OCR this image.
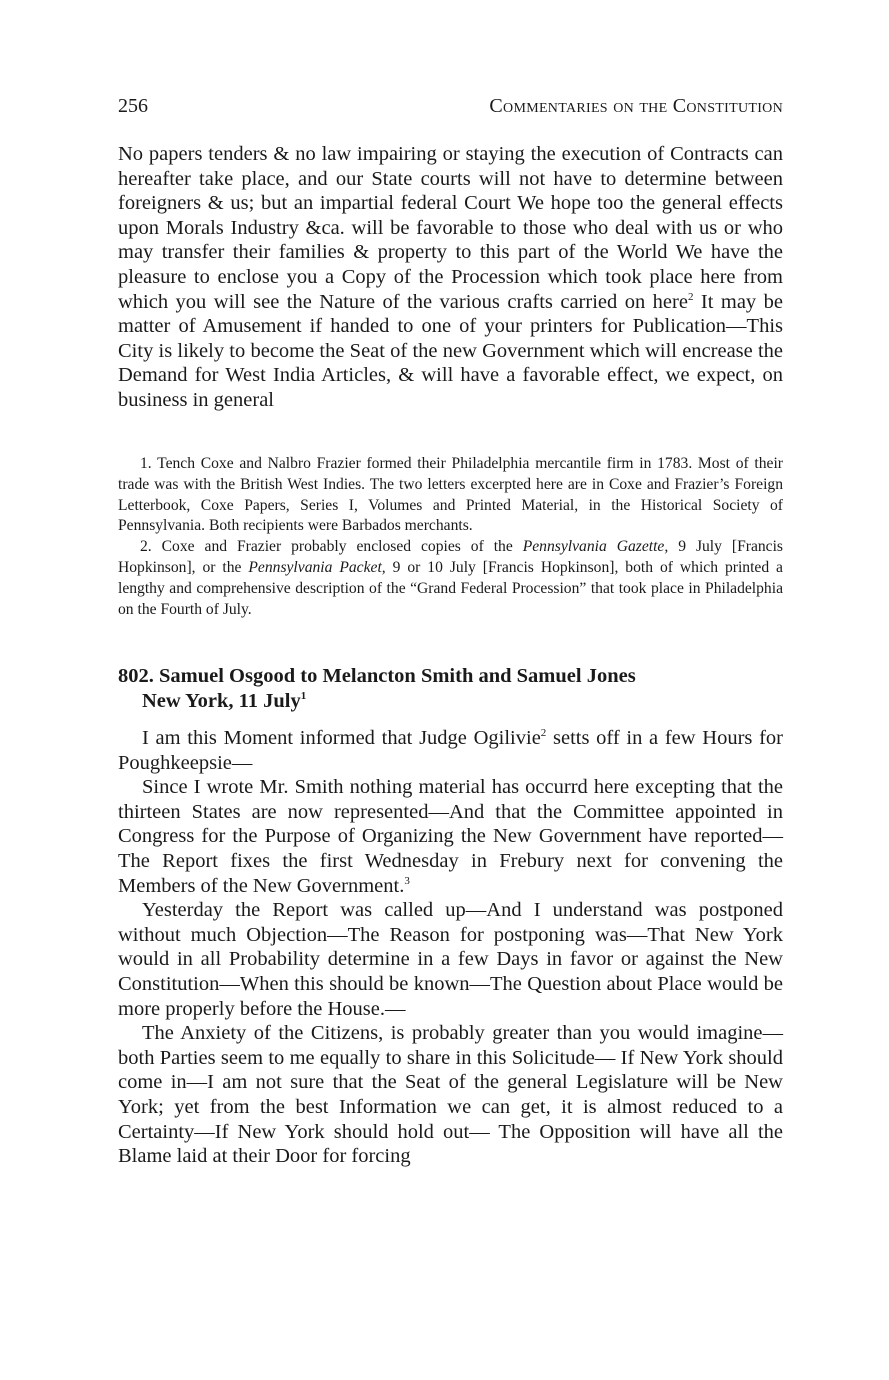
256	Commentaries on the Constitution

No papers tenders & no law impairing or staying the execution of Contracts can hereafter take place, and our State courts will not have to determine between foreigners & us; but an impartial federal Court We hope too the general effects upon Morals Industry &ca. will be favorable to those who deal with us or who may transfer their families & property to this part of the World We have the pleasure to enclose you a Copy of the Procession which took place here from which you will see the Nature of the various crafts carried on here$^2$ It may be matter of Amusement if handed to one of your printers for Publication—This City is likely to become the Seat of the new Government which will encrease the Demand for West India Articles, & will have a favorable effect, we expect, on business in general

1. Tench Coxe and Nalbro Frazier formed their Philadelphia mercantile firm in 1783. Most of their trade was with the British West Indies. The two letters excerpted here are in Coxe and Frazier’s Foreign Letterbook, Coxe Papers, Series I, Volumes and Printed Material, in the Historical Society of Pennsylvania. Both recipients were Barbados merchants.

2. Coxe and Frazier probably enclosed copies of the Pennsylvania Gazette, 9 July [Francis Hopkinson], or the Pennsylvania Packet, 9 or 10 July [Francis Hopkinson], both of which printed a lengthy and comprehensive description of the “Grand Federal Procession” that took place in Philadelphia on the Fourth of July.

802. Samuel Osgood to Melancton Smith and Samuel Jones
New York, 11 July$^1$

I am this Moment informed that Judge Ogilivie$^2$ setts off in a few Hours for Poughkeepsie—

Since I wrote Mr. Smith nothing material has occurrd here excepting that the thirteen States are now represented—And that the Committee appointed in Congress for the Purpose of Organizing the New Government have reported—The Report fixes the first Wednesday in Frebury next for convening the Members of the New Government.$^3$

Yesterday the Report was called up—And I understand was postponed without much Objection—The Reason for postponing was—That New York would in all Probability determine in a few Days in favor or against the New Constitution—When this should be known—The Question about Place would be more properly before the House.—

The Anxiety of the Citizens, is probably greater than you would imagine—both Parties seem to me equally to share in this Solicitude— If New York should come in—I am not sure that the Seat of the general Legislature will be New York; yet from the best Information we can get, it is almost reduced to a Certainty—If New York should hold out— The Opposition will have all the Blame laid at their Door for forcing
